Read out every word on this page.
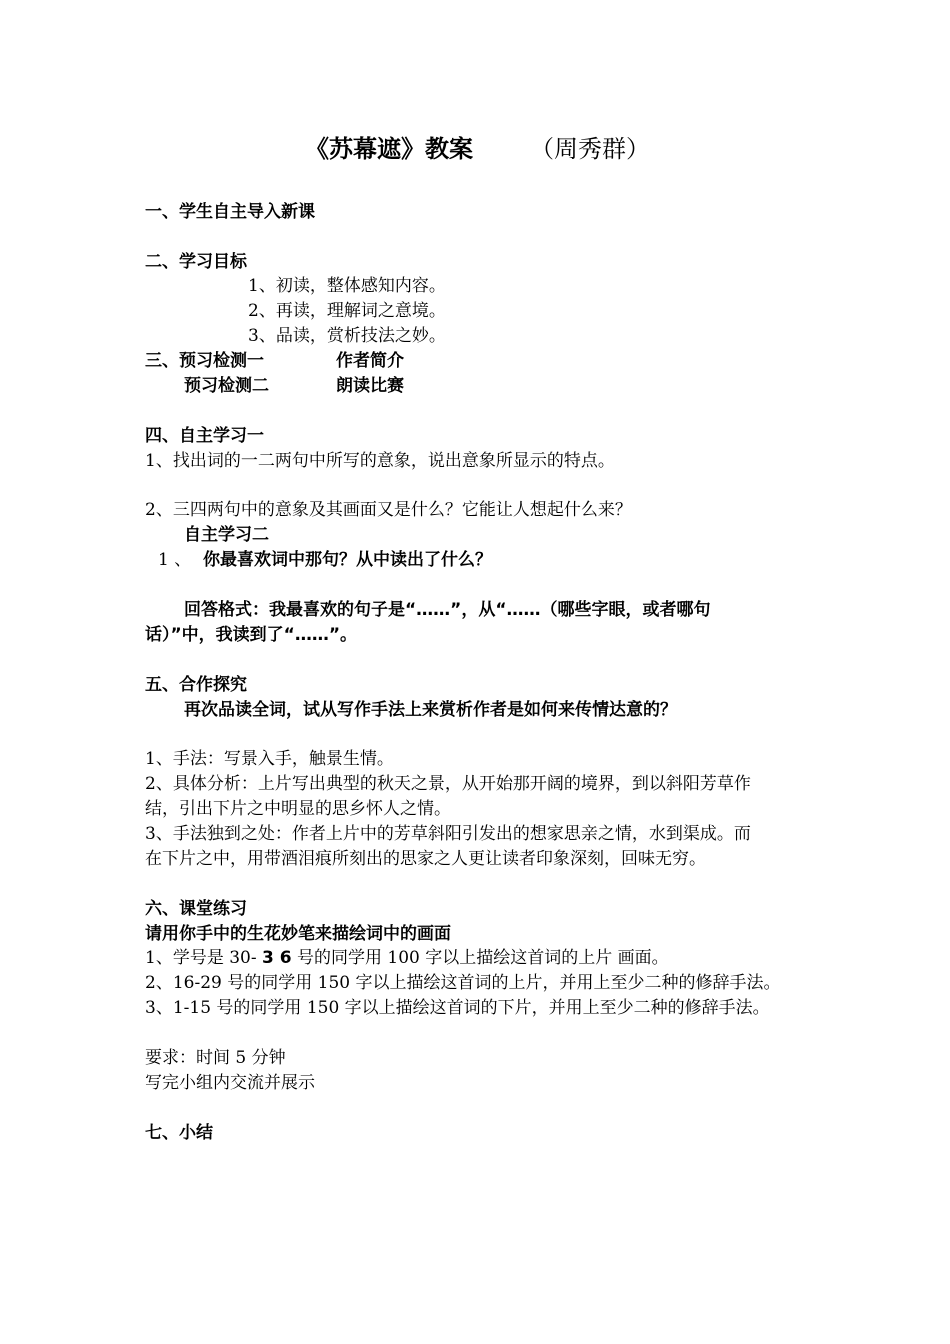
《苏幕遮》教案 （周秀群）
一、学生自主导入新课
二、学习目标
1、初读，整体感知内容。
2、再读，理解词之意境。
3、品读，赏析技法之妙。
三、预习检测一	作者简介
预习检测二	朗读比赛
四、自主学习一
1、找出词的一二两句中所写的意象，说出意象所显示的特点。
2、三四两句中的意象及其画面又是什么？它能让人想起什么来？
自主学习二
1 、 你最喜欢词中那句？从中读出了什么？
回答格式：我最喜欢的句子是“……”，从“……（哪些字眼，或者哪句
话）”中，我读到了“……”。
五、合作探究
再次品读全词，试从写作手法上来赏析作者是如何来传情达意的？
1、手法：写景入手，触景生情。
2、具体分析：上片写出典型的秋天之景，从开始那开阔的境界，到以斜阳芳草作
结，引出下片之中明显的思乡怀人之情。
3、手法独到之处：作者上片中的芳草斜阳引发出的想家思亲之情，水到渠成。而
在下片之中，用带酒泪痕所刻出的思家之人更让读者印象深刻，回味无穷。
六、课堂练习
请用你手中的生花妙笔来描绘词中的画面
1、学号是 30- 3 6 号的同学用 100 字以上描绘这首词的上片 画面。
2、16-29 号的同学用 150 字以上描绘这首词的上片，并用上至少二种的修辞手法。
3、1-15 号的同学用 150 字以上描绘这首词的下片，并用上至少二种的修辞手法。
要求：时间 5 分钟
写完小组内交流并展示
七、小结
